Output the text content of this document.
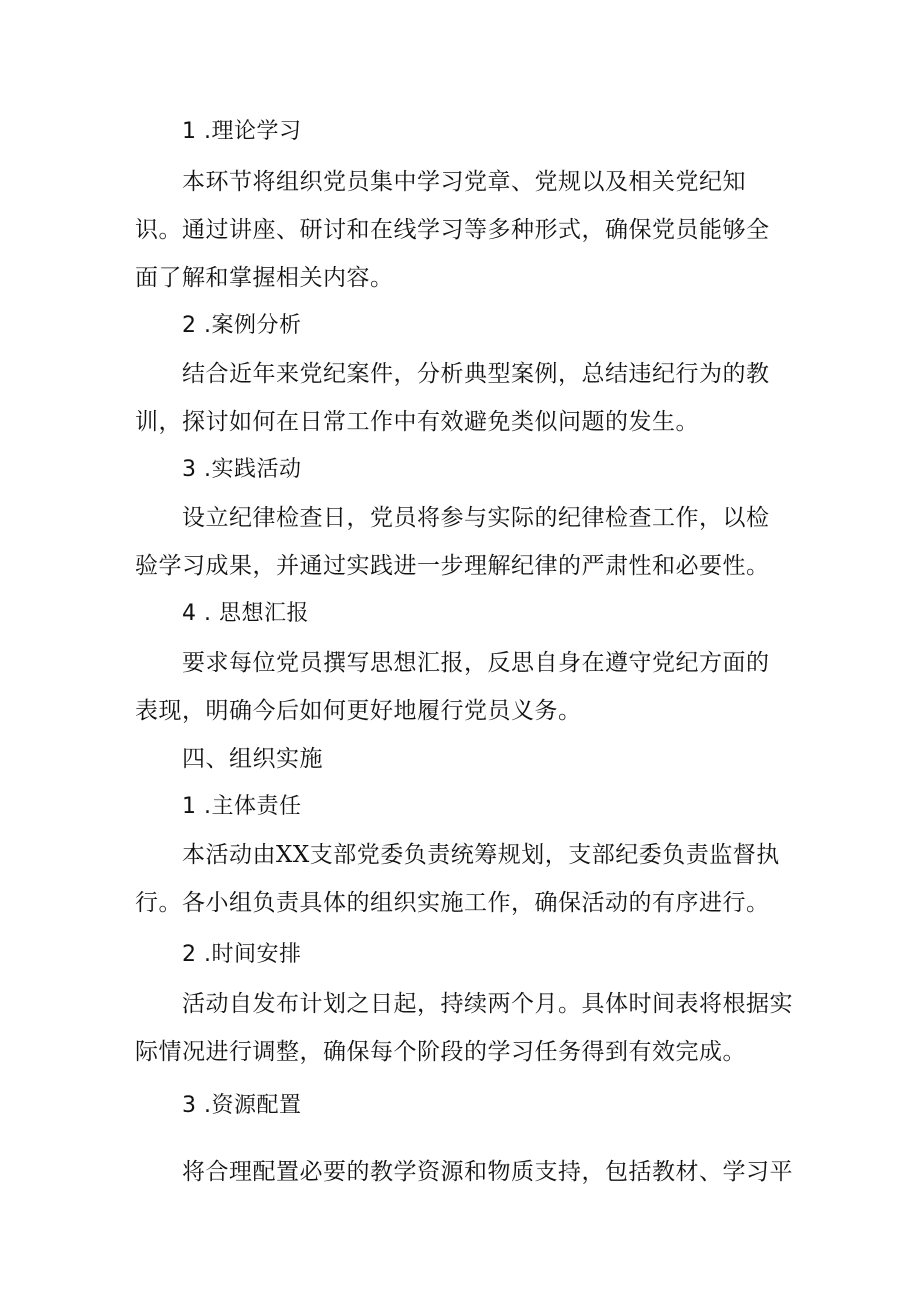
1 .理论学习
本环节将组织党员集中学习党章、党规以及相关党纪知
识。通过讲座、研讨和在线学习等多种形式，确保党员能够全
面了解和掌握相关内容。
2 .案例分析
结合近年来党纪案件，分析典型案例，总结违纪行为的教
训，探讨如何在日常工作中有效避免类似问题的发生。
3 .实践活动
设立纪律检查日，党员将参与实际的纪律检查工作，以检
验学习成果，并通过实践进一步理解纪律的严肃性和必要性。
4 . 思想汇报
要求每位党员撰写思想汇报，反思自身在遵守党纪方面的
表现，明确今后如何更好地履行党员义务。
四、组织实施
1 .主体责任
本活动由XX支部党委负责统筹规划，支部纪委负责监督执
行。各小组负责具体的组织实施工作，确保活动的有序进行。
2 .时间安排
活动自发布计划之日起，持续两个月。具体时间表将根据实
际情况进行调整，确保每个阶段的学习任务得到有效完成。
3 .资源配置
将合理配置必要的教学资源和物质支持，包括教材、学习平
